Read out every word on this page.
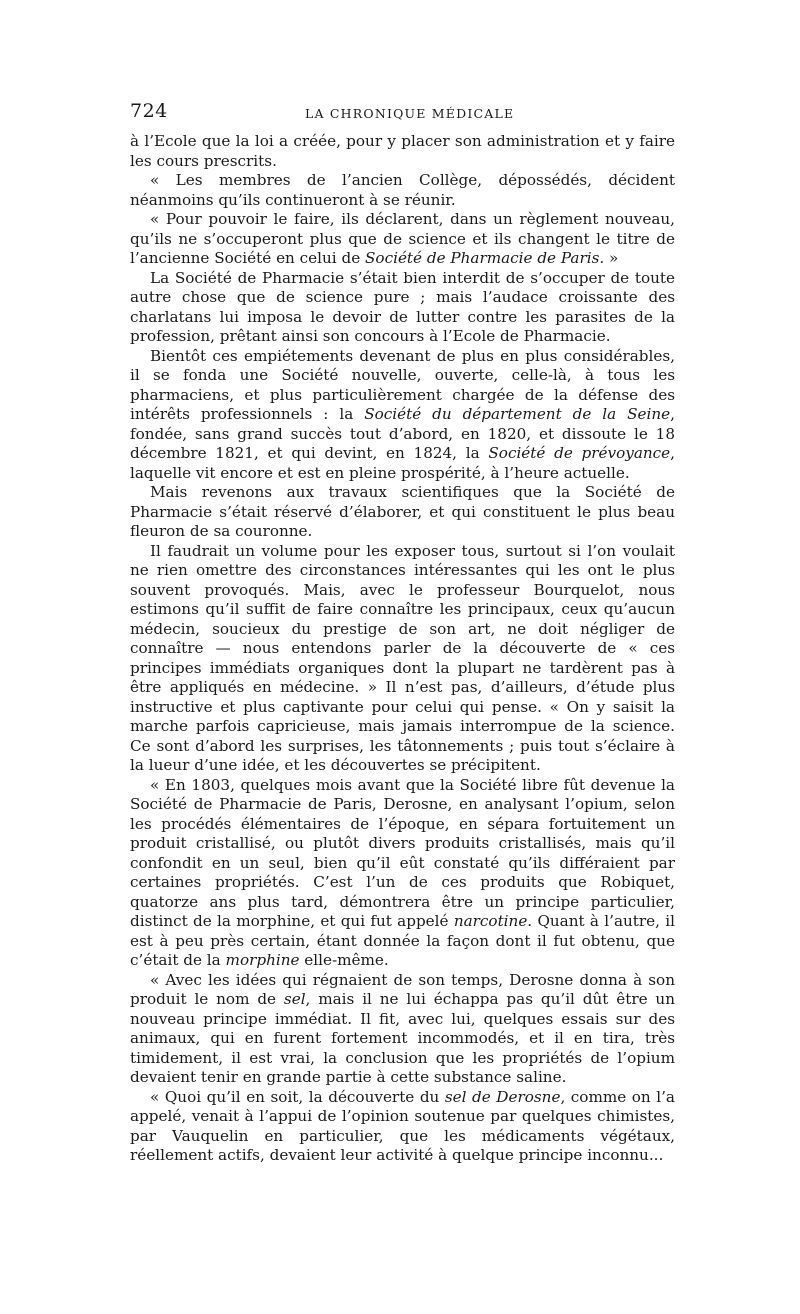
724	LA CHRONIQUE MÉDICALE

à l’Ecole que la loi a créée, pour y placer son administration et y faire les cours prescrits.

« Les membres de l’ancien Collège, dépossédés, décident néanmoins qu’ils continueront à se réunir.

« Pour pouvoir le faire, ils déclarent, dans un règlement nouveau, qu’ils ne s’occuperont plus que de science et ils changent le titre de l’ancienne Société en celui de Société de Pharmacie de Paris. »

La Société de Pharmacie s’était bien interdit de s’occuper de toute autre chose que de science pure ; mais l’audace croissante des charlatans lui imposa le devoir de lutter contre les parasites de la profession, prêtant ainsi son concours à l’Ecole de Pharmacie.

Bientôt ces empiétements devenant de plus en plus considérables, il se fonda une Société nouvelle, ouverte, celle-là, à tous les pharmaciens, et plus particulièrement chargée de la défense des intérêts professionnels : la Société du département de la Seine, fondée, sans grand succès tout d’abord, en 1820, et dissoute le 18 décembre 1821, et qui devint, en 1824, la Société de prévoyance, laquelle vit encore et est en pleine prospérité, à l’heure actuelle.

Mais revenons aux travaux scientifiques que la Société de Pharmacie s’était réservé d’élaborer, et qui constituent le plus beau fleuron de sa couronne.

Il faudrait un volume pour les exposer tous, surtout si l’on voulait ne rien omettre des circonstances intéressantes qui les ont le plus souvent provoqués. Mais, avec le professeur Bourquelot, nous estimons qu’il suffit de faire connaître les principaux, ceux qu’aucun médecin, soucieux du prestige de son art, ne doit négliger de connaître — nous entendons parler de la découverte de « ces principes immédiats organiques dont la plupart ne tardèrent pas à être appliqués en médecine. » Il n’est pas, d’ailleurs, d’étude plus instructive et plus captivante pour celui qui pense. « On y saisit la marche parfois capricieuse, mais jamais interrompue de la science. Ce sont d’abord les surprises, les tâtonnements ; puis tout s’éclaire à la lueur d’une idée, et les découvertes se précipitent.

« En 1803, quelques mois avant que la Société libre fût devenue la Société de Pharmacie de Paris, Derosne, en analysant l’opium, selon les procédés élémentaires de l’époque, en sépara fortuitement un produit cristallisé, ou plutôt divers produits cristallisés, mais qu’il confondit en un seul, bien qu’il eût constaté qu’ils différaient par certaines propriétés. C’est l’un de ces produits que Robiquet, quatorze ans plus tard, démontrera être un principe particulier, distinct de la morphine, et qui fut appelé narcotine. Quant à l’autre, il est à peu près certain, étant donnée la façon dont il fut obtenu, que c’était de la morphine elle-même.

« Avec les idées qui régnaient de son temps, Derosne donna à son produit le nom de sel, mais il ne lui échappa pas qu’il dût être un nouveau principe immédiat. Il fit, avec lui, quelques essais sur des animaux, qui en furent fortement incommodés, et il en tira, très timidement, il est vrai, la conclusion que les propriétés de l’opium devaient tenir en grande partie à cette substance saline.

« Quoi qu’il en soit, la découverte du sel de Derosne, comme on l’a appelé, venait à l’appui de l’opinion soutenue par quelques chimistes, par Vauquelin en particulier, que les médicaments végétaux, réellement actifs, devaient leur activité à quelque principe inconnu...
